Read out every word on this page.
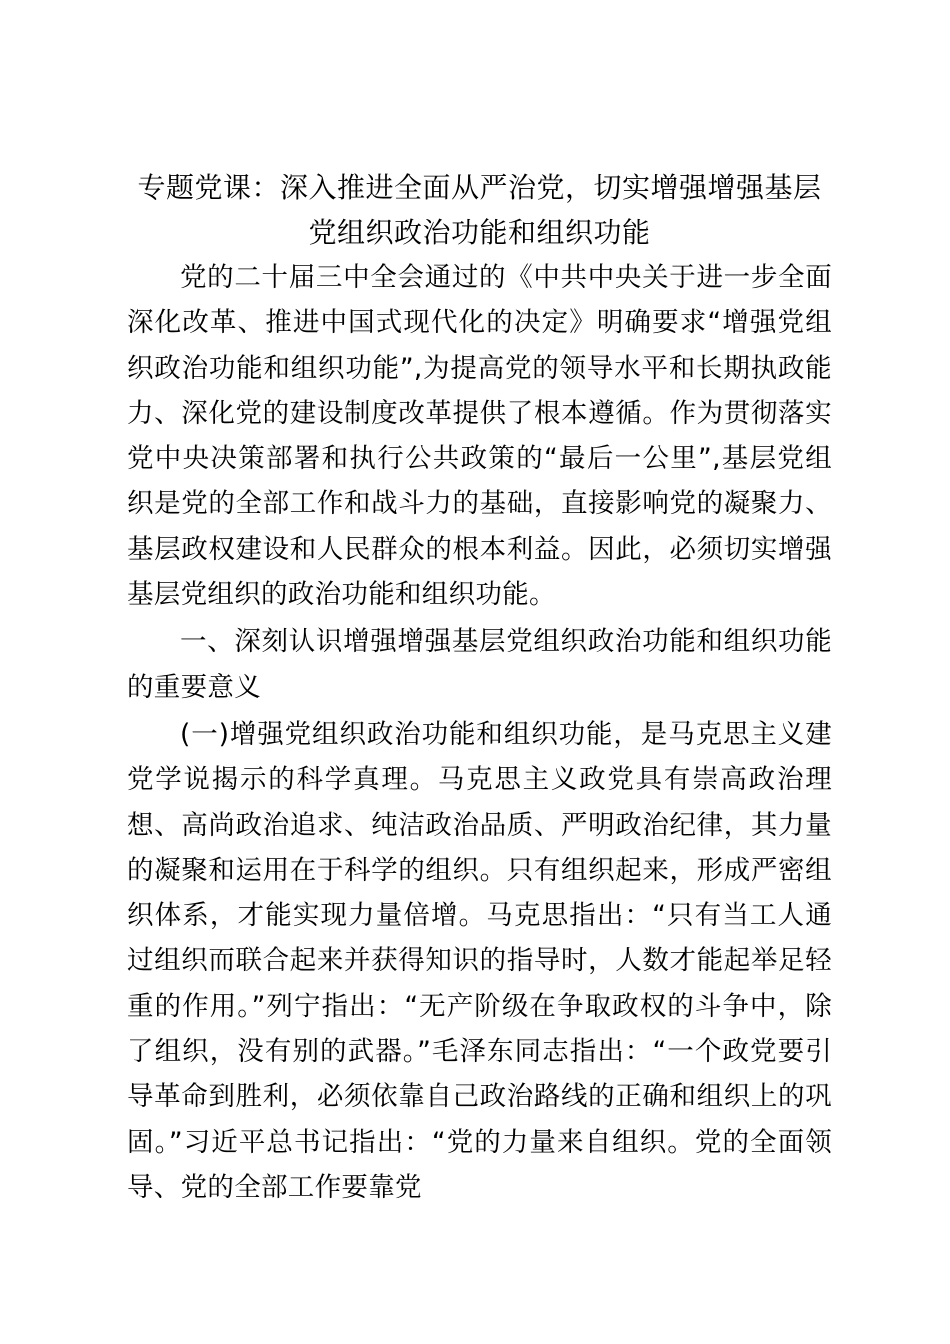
专题党课：深入推进全面从严治党，切实增强增强基层
党组织政治功能和组织功能

党的二十届三中全会通过的《中共中央关于进一步全面深化改革、推进中国式现代化的决定》明确要求“增强党组织政治功能和组织功能”,为提高党的领导水平和长期执政能力、深化党的建设制度改革提供了根本遵循。作为贯彻落实党中央决策部署和执行公共政策的“最后一公里”,基层党组织是党的全部工作和战斗力的基础，直接影响党的凝聚力、基层政权建设和人民群众的根本利益。因此，必须切实增强基层党组织的政治功能和组织功能。

一、深刻认识增强增强基层党组织政治功能和组织功能的重要意义

(一)增强党组织政治功能和组织功能，是马克思主义建党学说揭示的科学真理。马克思主义政党具有崇高政治理想、高尚政治追求、纯洁政治品质、严明政治纪律，其力量的凝聚和运用在于科学的组织。只有组织起来，形成严密组织体系，才能实现力量倍增。马克思指出：“只有当工人通过组织而联合起来并获得知识的指导时，人数才能起举足轻重的作用。”列宁指出：“无产阶级在争取政权的斗争中，除了组织，没有别的武器。”毛泽东同志指出：“一个政党要引导革命到胜利，必须依靠自己政治路线的正确和组织上的巩固。”习近平总书记指出：“党的力量来自组织。党的全面领导、党的全部工作要靠党
